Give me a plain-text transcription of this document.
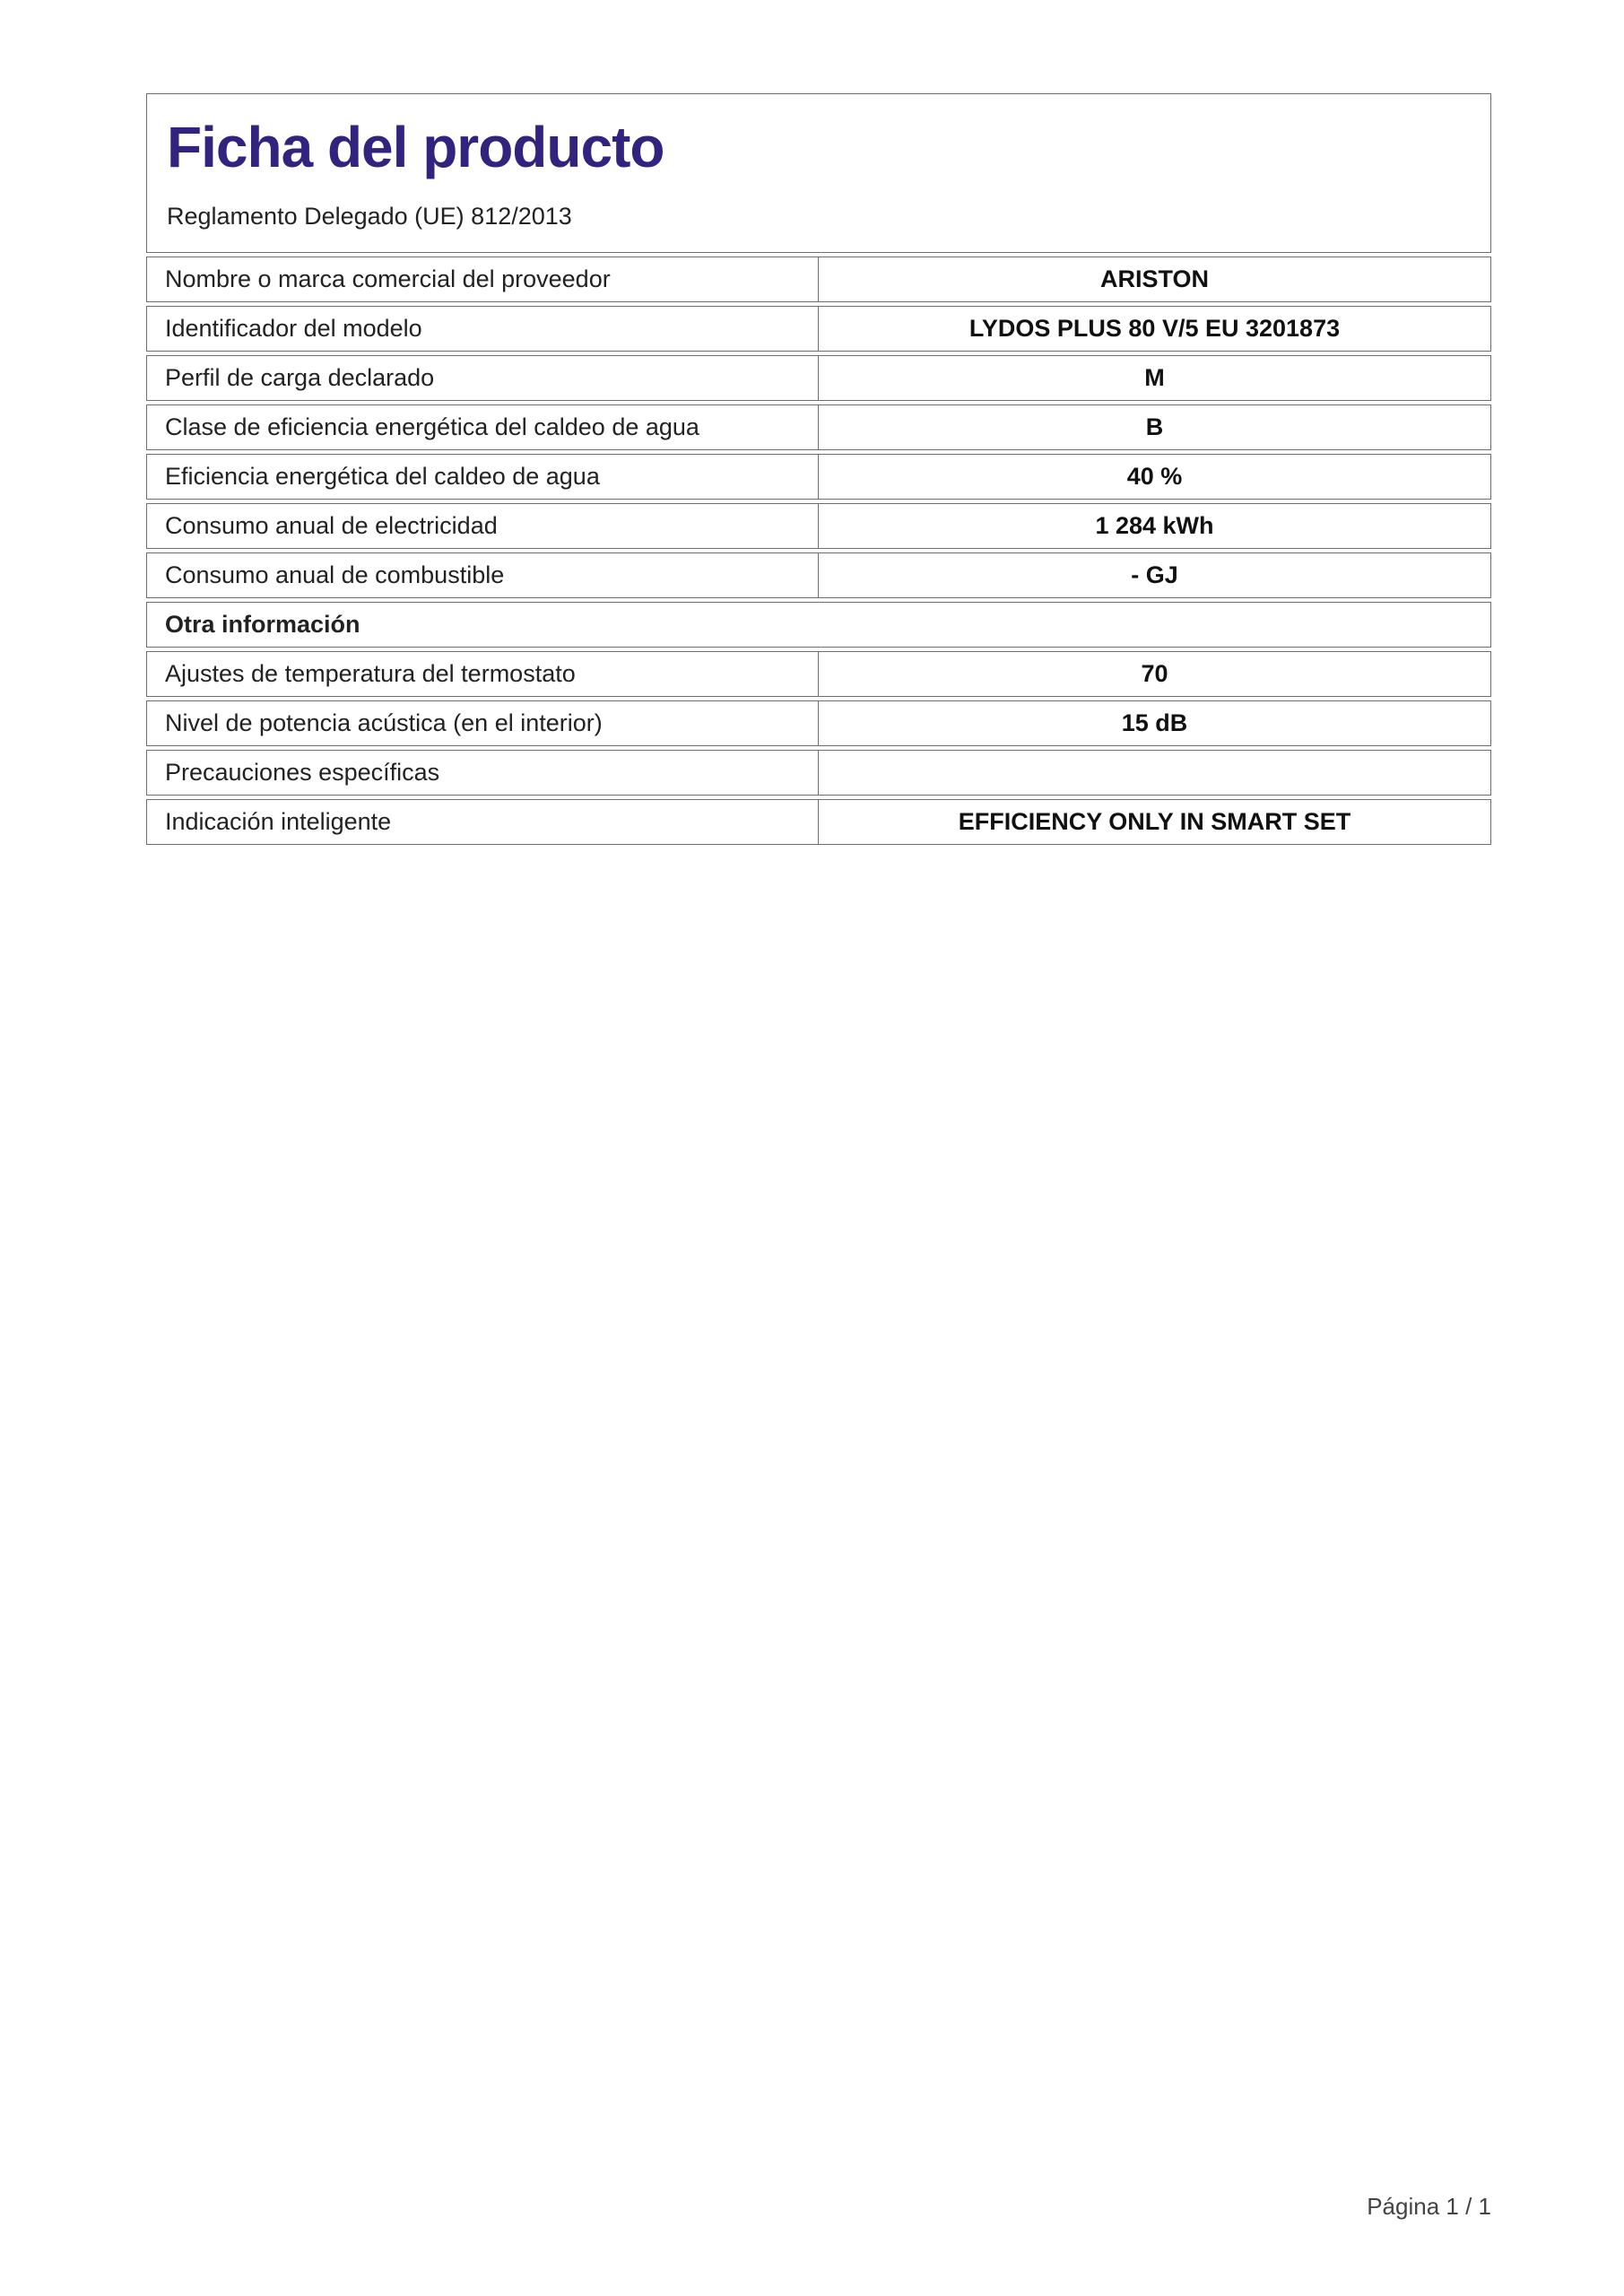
Ficha del producto
Reglamento Delegado (UE) 812/2013
Nombre o marca comercial del proveedor	ARISTON
Identificador del modelo	LYDOS PLUS 80 V/5 EU 3201873
Perfil de carga declarado	M
Clase de eficiencia energética del caldeo de agua	B
Eficiencia energética del caldeo de agua	40 %
Consumo anual de electricidad	1 284 kWh
Consumo anual de combustible	- GJ
Otra información
Ajustes de temperatura del termostato	70
Nivel de potencia acústica (en el interior)	15 dB
Precauciones específicas
Indicación inteligente	EFFICIENCY ONLY IN SMART SET
Página 1 / 1
